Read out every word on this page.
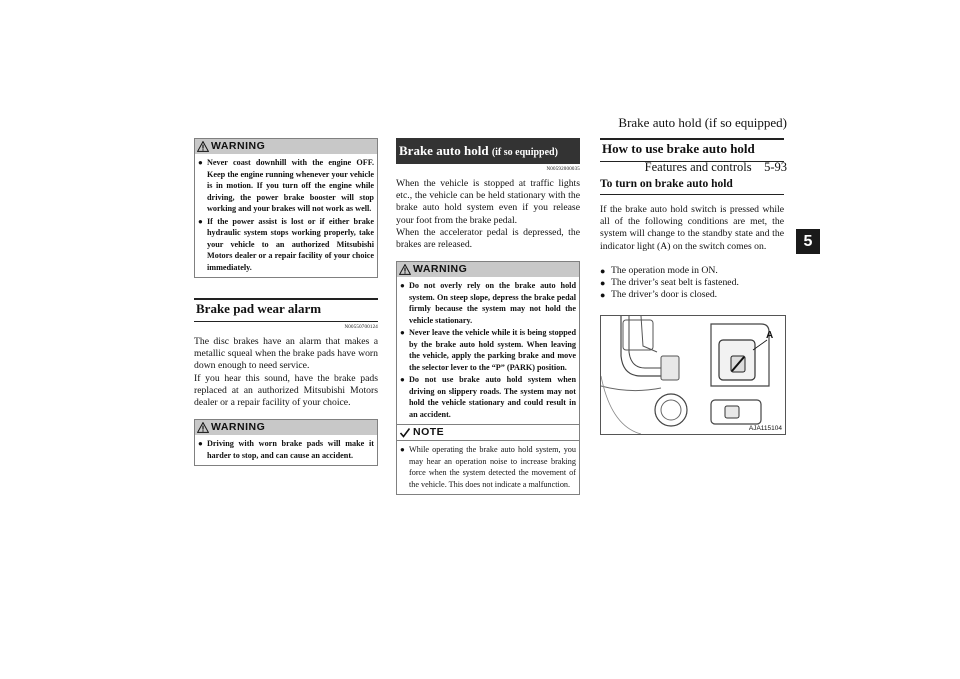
Brake auto hold (if so equipped)
Features and controls 5-93
5
WARNING
● Never coast downhill with the engine OFF. Keep the engine running whenever your vehicle is in motion. If you turn off the engine while driving, the power brake booster will stop working and your brakes will not work as well.
● If the power assist is lost or if either brake hydraulic system stops working properly, take your vehicle to an authorized Mitsubishi Motors dealer or a repair facility of your choice immediately.
Brake pad wear alarm
N00550700124
The disc brakes have an alarm that makes a metallic squeal when the brake pads have worn down enough to need service.
If you hear this sound, have the brake pads replaced at an authorized Mitsubishi Motors dealer or a repair facility of your choice.
WARNING
● Driving with worn brake pads will make it harder to stop, and can cause an accident.
Brake auto hold (if so equipped)
N00592000035
When the vehicle is stopped at traffic lights etc., the vehicle can be held stationary with the brake auto hold system even if you release your foot from the brake pedal.
When the accelerator pedal is depressed, the brakes are released.
WARNING
● Do not overly rely on the brake auto hold system. On steep slope, depress the brake pedal firmly because the system may not hold the vehicle stationary.
● Never leave the vehicle while it is being stopped by the brake auto hold system. When leaving the vehicle, apply the parking brake and move the selector lever to the “P” (PARK) position.
● Do not use brake auto hold system when driving on slippery roads. The system may not hold the vehicle stationary and could result in an accident.
NOTE
● While operating the brake auto hold system, you may hear an operation noise to increase braking force when the system detected the movement of the vehicle. This does not indicate a malfunction.
How to use brake auto hold
To turn on brake auto hold
If the brake auto hold switch is pressed while all of the following conditions are met, the system will change to the standby state and the indicator light (A) on the switch comes on.
● The operation mode in ON.
● The driver’s seat belt is fastened.
● The driver’s door is closed.
A
AJA115104
